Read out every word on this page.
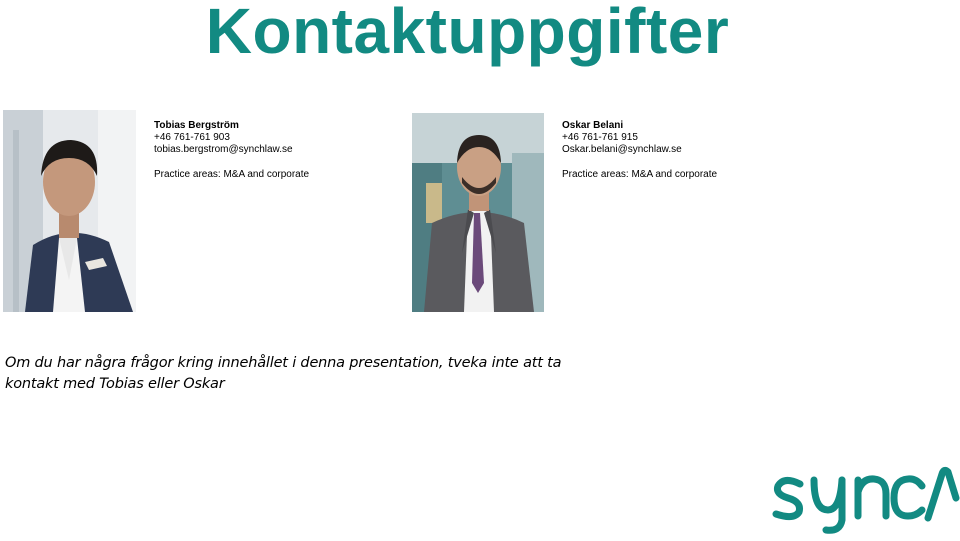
Kontaktuppgifter
Tobias Bergström
+46 761-761 903
tobias.bergstrom@synchlaw.se
Practice areas: M&A and corporate
Oskar Belani
+46 761-761 915
Oskar.belani@synchlaw.se
Practice areas: M&A and corporate
Om du har några frågor kring innehållet i denna presentation, tveka inte att ta kontakt med Tobias eller Oskar
